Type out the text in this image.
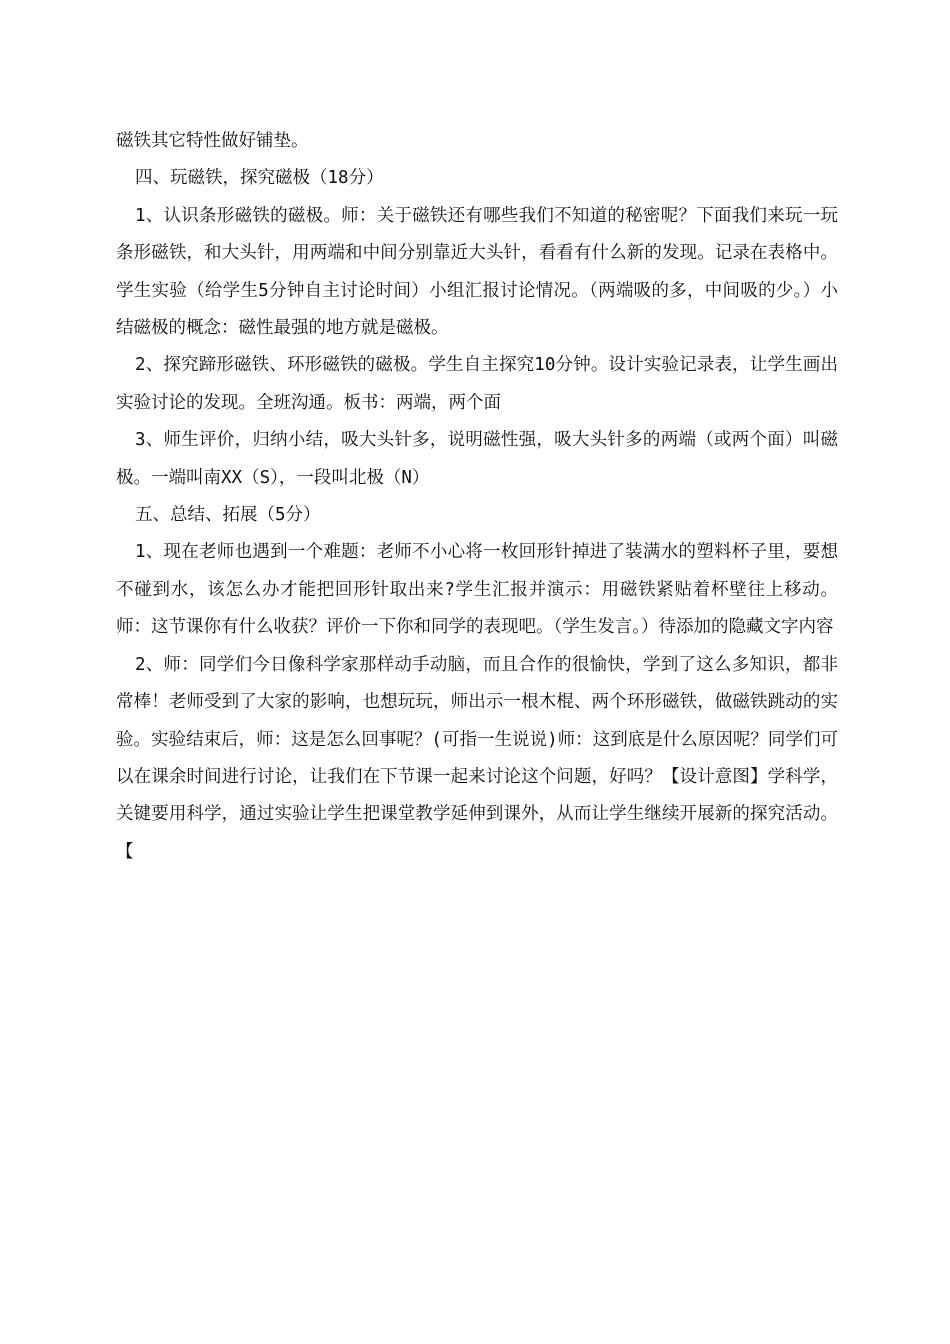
磁铁其它特性做好铺垫。

四、玩磁铁，探究磁极（18分）

1、认识条形磁铁的磁极。师：关于磁铁还有哪些我们不知道的秘密呢？下面我们来玩一玩条形磁铁，和大头针，用两端和中间分别靠近大头针，看看有什么新的发现。记录在表格中。学生实验（给学生5分钟自主讨论时间）小组汇报讨论情况。（两端吸的多，中间吸的少。）小结磁极的概念：磁性最强的地方就是磁极。

2、探究蹄形磁铁、环形磁铁的磁极。学生自主探究10分钟。设计实验记录表，让学生画出实验讨论的发现。全班沟通。板书：两端，两个面

3、师生评价，归纳小结，吸大头针多，说明磁性强，吸大头针多的两端（或两个面）叫磁极。一端叫南XX（S），一段叫北极（N）

五、总结、拓展（5分）

1、现在老师也遇到一个难题：老师不小心将一枚回形针掉进了装满水的塑料杯子里，要想不碰到水，该怎么办才能把回形针取出来?学生汇报并演示：用磁铁紧贴着杯壁往上移动。师：这节课你有什么收获？评价一下你和同学的表现吧。（学生发言。）待添加的隐藏文字内容

2、师：同学们今日像科学家那样动手动脑，而且合作的很愉快，学到了这么多知识，都非常棒！老师受到了大家的影响，也想玩玩，师出示一根木棍、两个环形磁铁，做磁铁跳动的实验。实验结束后，师：这是怎么回事呢？(可指一生说说)师：这到底是什么原因呢？同学们可以在课余时间进行讨论，让我们在下节课一起来讨论这个问题，好吗？【设计意图】学科学，关键要用科学，通过实验让学生把课堂教学延伸到课外，从而让学生继续开展新的探究活动。【
